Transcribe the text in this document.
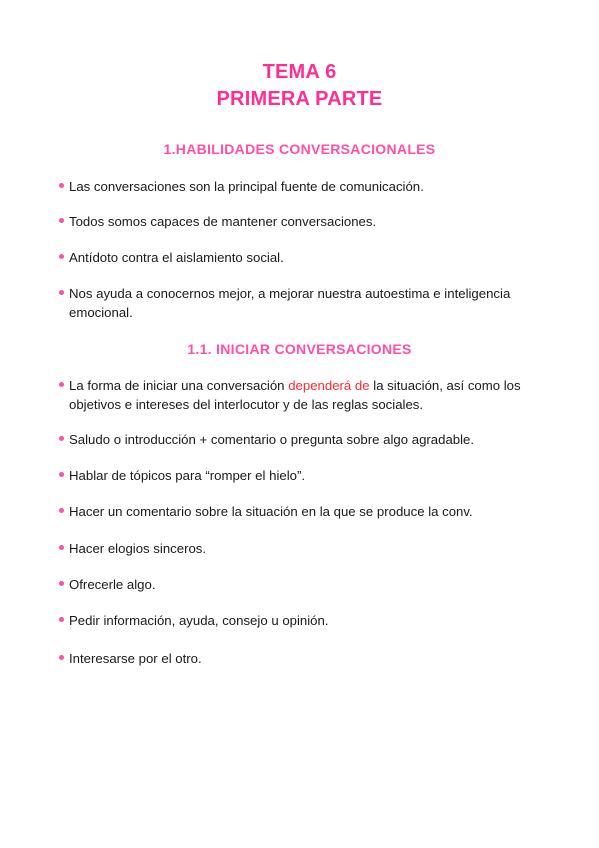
TEMA 6
PRIMERA PARTE
1.HABILIDADES CONVERSACIONALES
Las conversaciones son la principal fuente de comunicación.
Todos somos capaces de mantener conversaciones.
Antídoto contra el aislamiento social.
Nos ayuda a conocernos mejor, a mejorar nuestra autoestima e inteligencia emocional.
1.1. INICIAR CONVERSACIONES
La forma de iniciar una conversación dependerá de la situación, así como los objetivos e intereses del interlocutor y de las reglas sociales.
Saludo o introducción + comentario o pregunta sobre algo agradable.
Hablar de tópicos para “romper el hielo”.
Hacer un comentario sobre la situación en la que se produce la conv.
Hacer elogios sinceros.
Ofrecerle algo.
Pedir información, ayuda, consejo u opinión.
Interesarse por el otro.
